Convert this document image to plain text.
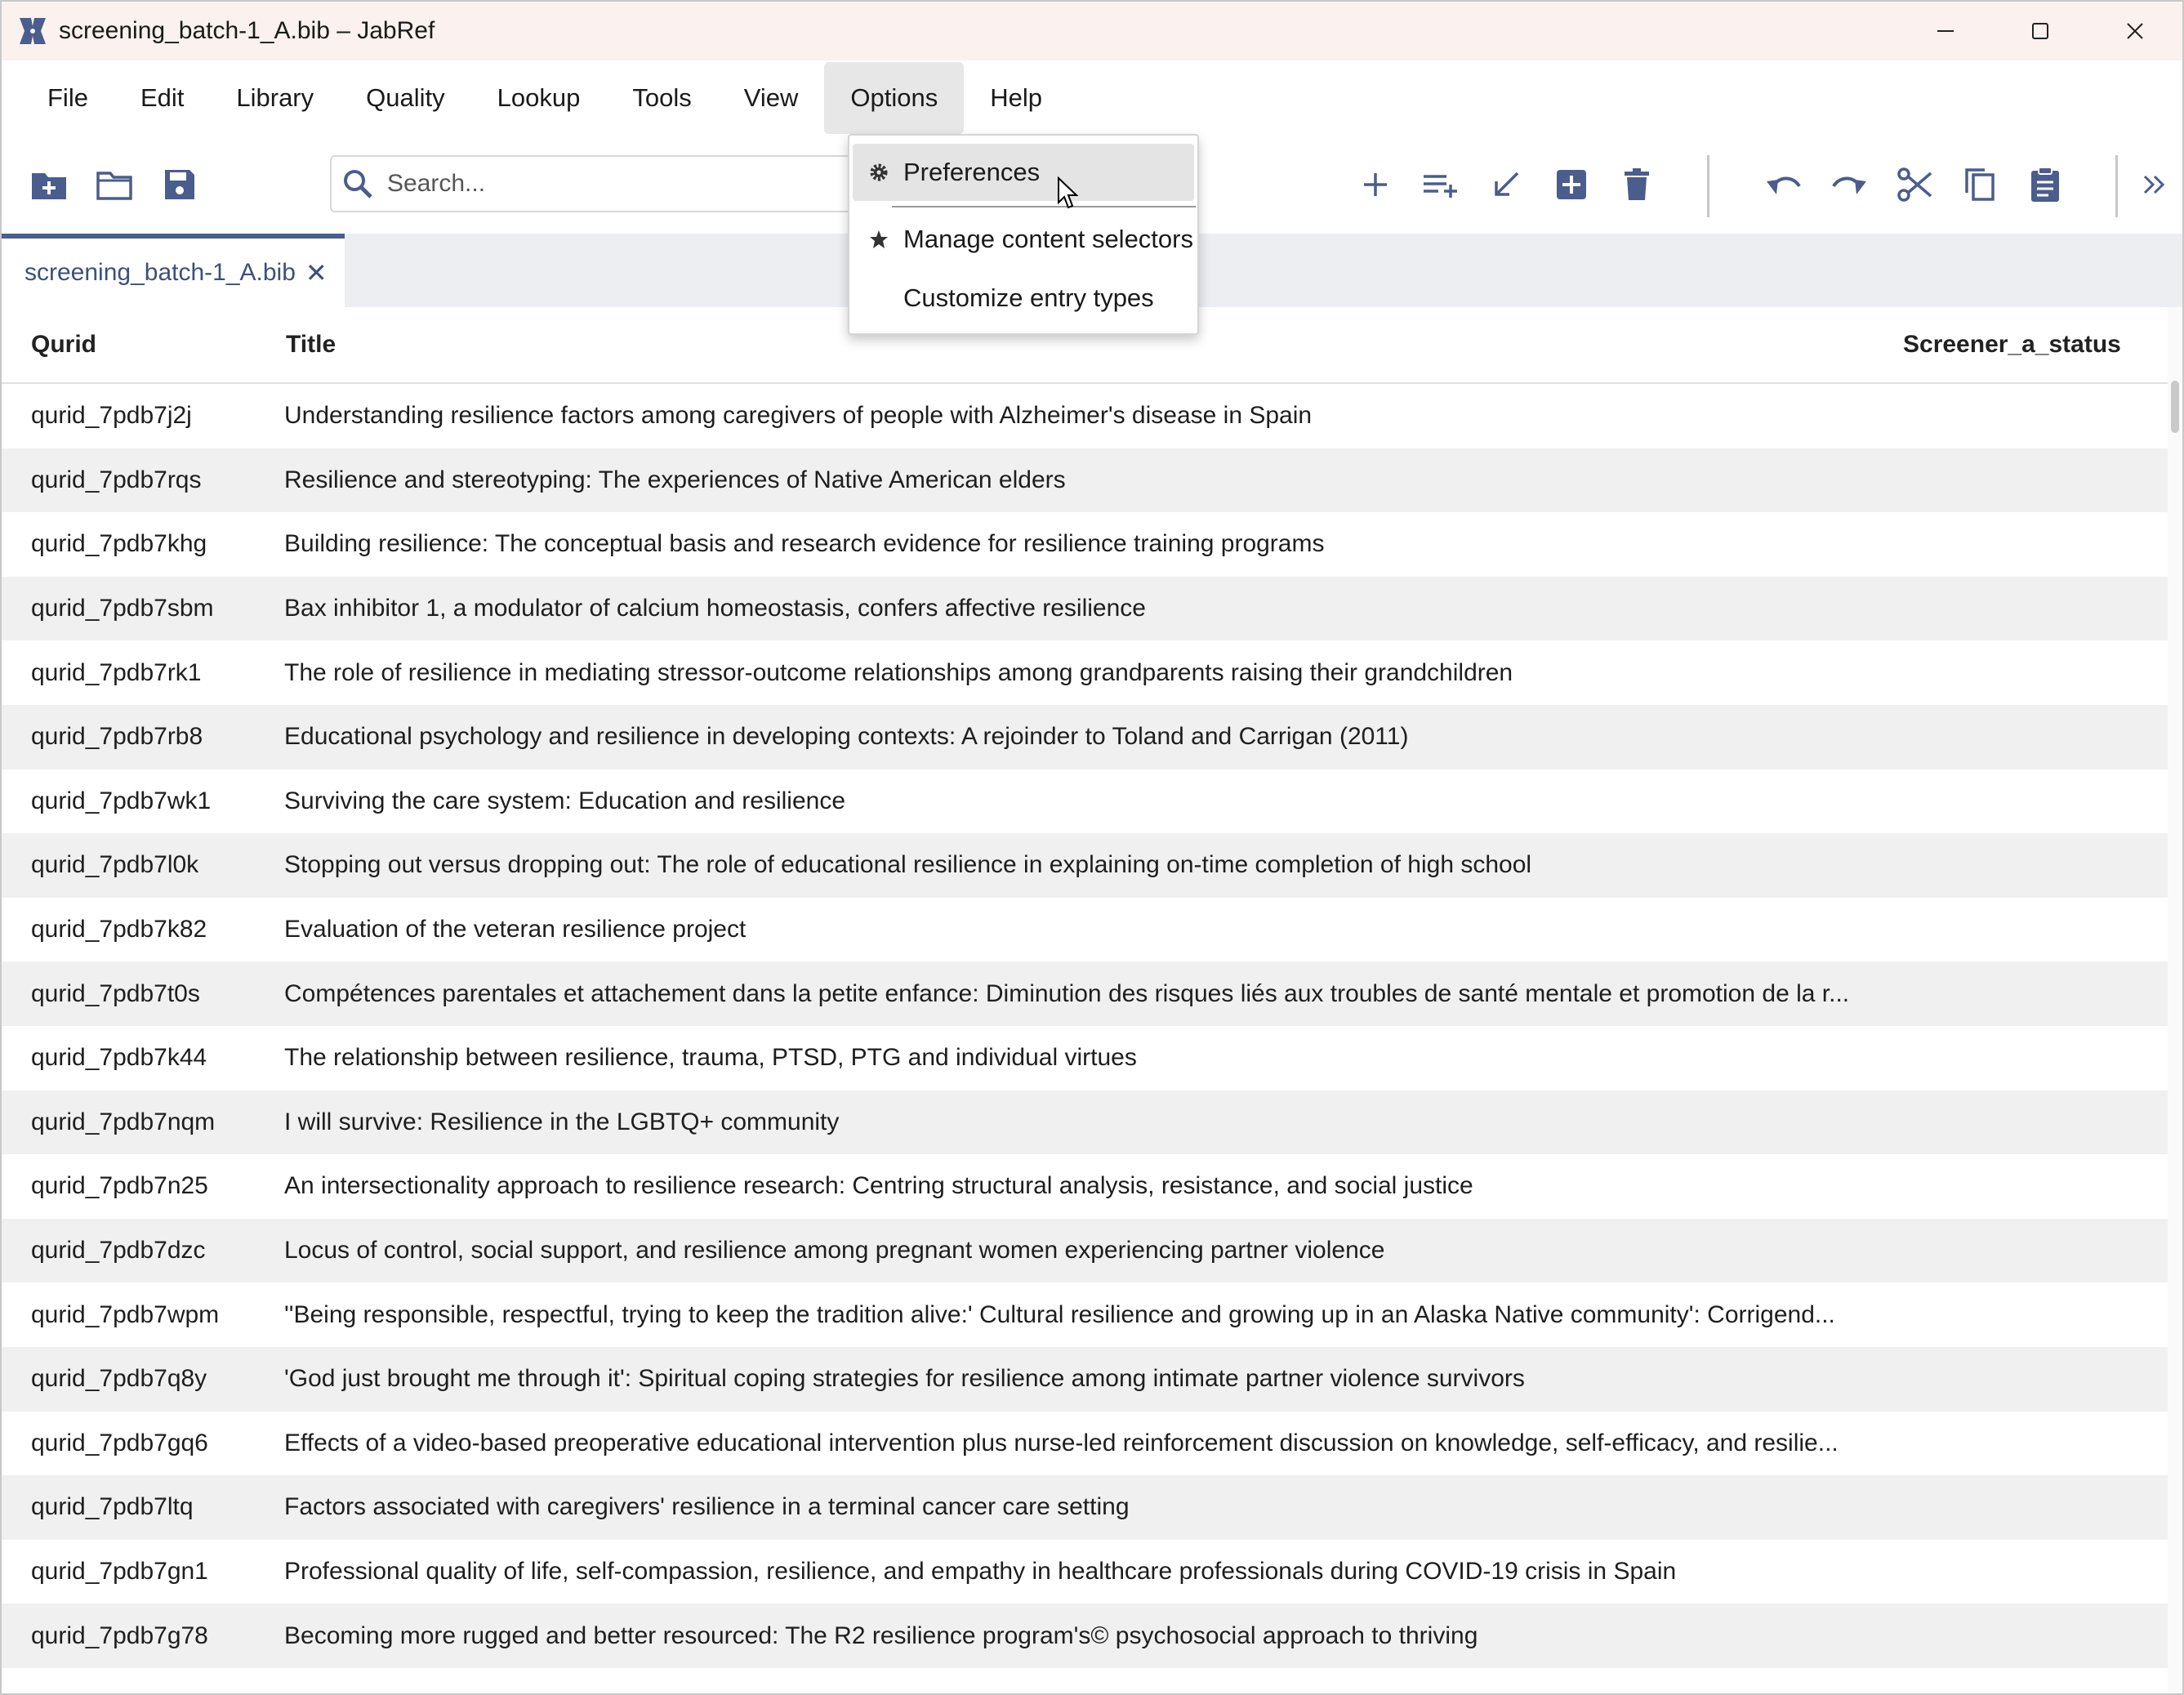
screening_batch-1_A.bib – JabRef
File	Edit	Library	Quality	Lookup	Tools	View	Options	Help
Search...
screening_batch-1_A.bib ✕
Qurid	Title	Screener_a_status
qurid_7pdb7j2j	Understanding resilience factors among caregivers of people with Alzheimer's disease in Spain
qurid_7pdb7rqs	Resilience and stereotyping: The experiences of Native American elders
qurid_7pdb7khg	Building resilience: The conceptual basis and research evidence for resilience training programs
qurid_7pdb7sbm	Bax inhibitor 1, a modulator of calcium homeostasis, confers affective resilience
qurid_7pdb7rk1	The role of resilience in mediating stressor-outcome relationships among grandparents raising their grandchildren
qurid_7pdb7rb8	Educational psychology and resilience in developing contexts: A rejoinder to Toland and Carrigan (2011)
qurid_7pdb7wk1	Surviving the care system: Education and resilience
qurid_7pdb7l0k	Stopping out versus dropping out: The role of educational resilience in explaining on-time completion of high school
qurid_7pdb7k82	Evaluation of the veteran resilience project
qurid_7pdb7t0s	Compétences parentales et attachement dans la petite enfance: Diminution des risques liés aux troubles de santé mentale et promotion de la r...
qurid_7pdb7k44	The relationship between resilience, trauma, PTSD, PTG and individual virtues
qurid_7pdb7nqm	I will survive: Resilience in the LGBTQ+ community
qurid_7pdb7n25	An intersectionality approach to resilience research: Centring structural analysis, resistance, and social justice
qurid_7pdb7dzc	Locus of control, social support, and resilience among pregnant women experiencing partner violence
qurid_7pdb7wpm	''Being responsible, respectful, trying to keep the tradition alive:' Cultural resilience and growing up in an Alaska Native community': Corrigend...
qurid_7pdb7q8y	'God just brought me through it': Spiritual coping strategies for resilience among intimate partner violence survivors
qurid_7pdb7gq6	Effects of a video-based preoperative educational intervention plus nurse-led reinforcement discussion on knowledge, self-efficacy, and resilie...
qurid_7pdb7ltq	Factors associated with caregivers' resilience in a terminal cancer care setting
qurid_7pdb7gn1	Professional quality of life, self-compassion, resilience, and empathy in healthcare professionals during COVID-19 crisis in Spain
qurid_7pdb7g78	Becoming more rugged and better resourced: The R2 resilience program's© psychosocial approach to thriving
Preferences
Manage content selectors
Customize entry types
